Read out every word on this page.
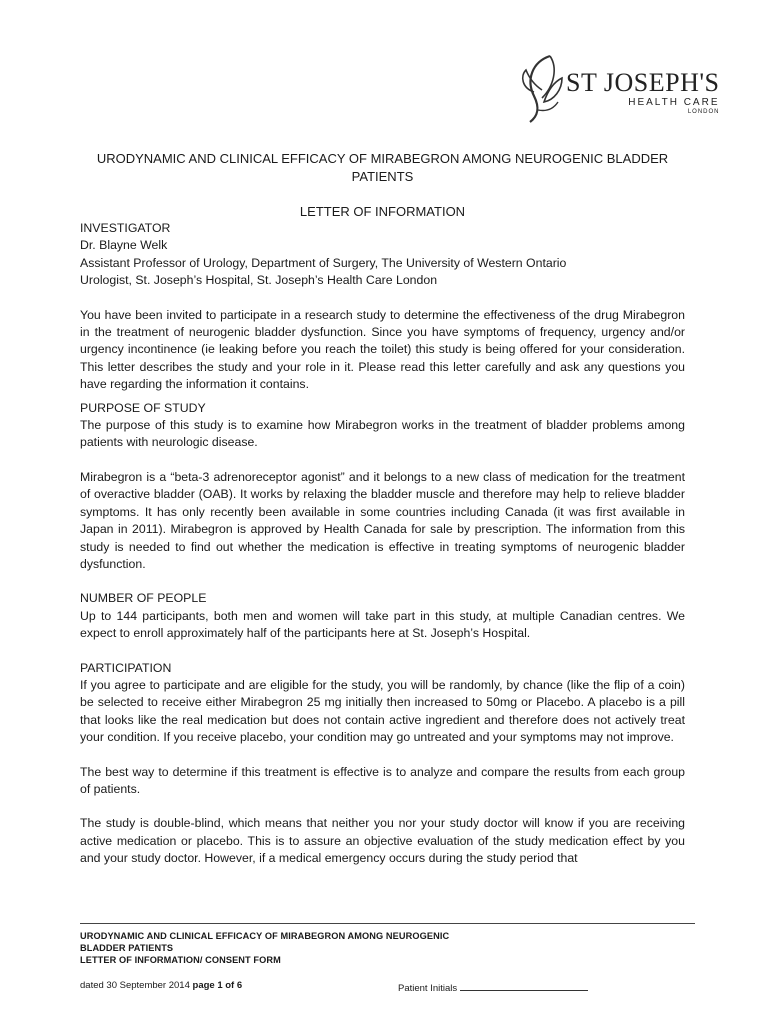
ST JOSEPH'S
HEALTH CARE
LONDON
URODYNAMIC AND CLINICAL EFFICACY OF MIRABEGRON AMONG NEUROGENIC BLADDER PATIENTS
LETTER OF INFORMATION
INVESTIGATOR
Dr. Blayne Welk
Assistant Professor of Urology, Department of Surgery, The University of Western Ontario
Urologist, St. Joseph’s Hospital, St. Joseph’s Health Care London

You have been invited to participate in a research study to determine the effectiveness of the drug Mirabegron in the treatment of neurogenic bladder dysfunction. Since you have symptoms of frequency, urgency and/or urgency incontinence (ie leaking before you reach the toilet) this study is being offered for your consideration. This letter describes the study and your role in it. Please read this letter carefully and ask any questions you have regarding the information it contains.

PURPOSE OF STUDY

The purpose of this study is to examine how Mirabegron works in the treatment of bladder problems among patients with neurologic disease.

Mirabegron is a “beta-3 adrenoreceptor agonist” and it belongs to a new class of medication for the treatment of overactive bladder (OAB). It works by relaxing the bladder muscle and therefore may help to relieve bladder symptoms. It has only recently been available in some countries including Canada (it was first available in Japan in 2011). Mirabegron is approved by Health Canada for sale by prescription. The information from this study is needed to find out whether the medication is effective in treating symptoms of neurogenic bladder dysfunction.

NUMBER OF PEOPLE

Up to 144 participants, both men and women will take part in this study, at multiple Canadian centres. We expect to enroll approximately half of the participants here at St. Joseph’s Hospital.

PARTICIPATION

If you agree to participate and are eligible for the study, you will be randomly, by chance (like the flip of a coin) be selected to receive either Mirabegron 25 mg initially then increased to 50mg or Placebo. A placebo is a pill that looks like the real medication but does not contain active ingredient and therefore does not actively treat your condition. If you receive placebo, your condition may go untreated and your symptoms may not improve.

The best way to determine if this treatment is effective is to analyze and compare the results from each group of patients.

The study is double-blind, which means that neither you nor your study doctor will know if you are receiving active medication or placebo. This is to assure an objective evaluation of the study medication effect by you and your study doctor. However, if a medical emergency occurs during the study period that

URODYNAMIC AND CLINICAL EFFICACY OF MIRABEGRON AMONG NEUROGENIC
BLADDER PATIENTS
LETTER OF INFORMATION/ CONSENT FORM
dated 30 September 2014 page 1 of 6	Patient Initials
